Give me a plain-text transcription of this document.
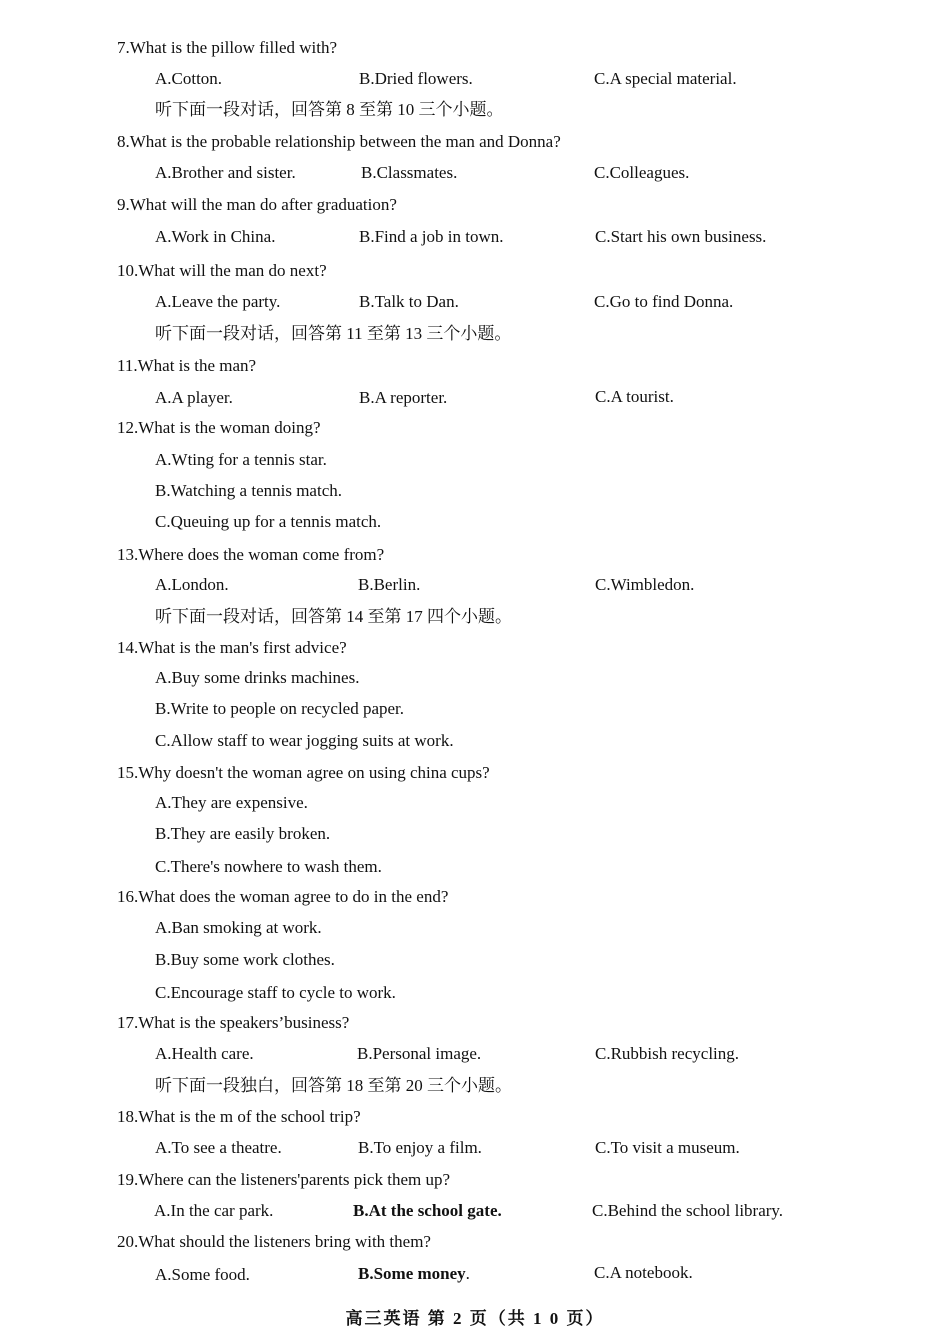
7.What is the pillow filled with?
A.Cotton.	B.Dried flowers.	C.A special material.
听下面一段对话，回答第 8 至第 10 三个小题。
8.What is the probable relationship between the man and Donna?
A.Brother and sister.	B.Classmates.	C.Colleagues.
9.What will the man do after graduation?
A.Work in China.	B.Find a job in town.	C.Start his own business.
10.What will the man do next?
A.Leave the party.	B.Talk to Dan.	C.Go to find Donna.
听下面一段对话，回答第 11 至第 13 三个小题。
11.What is the man?
A.A player.	B.A reporter.	C.A tourist.
12.What is the woman doing?
A.Wting for a tennis star.
B.Watching a tennis match.
C.Queuing up for a tennis match.
13.Where does the woman come from?
A.London.	B.Berlin.	C.Wimbledon.
听下面一段对话，回答第 14 至第 17 四个小题。
14.What is the man's first advice?
A.Buy some drinks machines.
B.Write to people on recycled paper.
C.Allow staff to wear jogging suits at work.
15.Why doesn't the woman agree on using china cups?
A.They are expensive.
B.They are easily broken.
C.There's nowhere to wash them.
16.What does the woman agree to do in the end?
A.Ban smoking at work.
B.Buy some work clothes.
C.Encourage staff to cycle to work.
17.What is the speakers’business?
A.Health care.	B.Personal image.	C.Rubbish recycling.
听下面一段独白，回答第 18 至第 20 三个小题。
18.What is the m of the school trip?
A.To see a theatre.	B.To enjoy a film.	C.To visit a museum.
19.Where can the listeners'parents pick them up?
A.In the car park.	B.At the school gate.	C.Behind the school library.
20.What should the listeners bring with them?
A.Some food.	B.Some money.	C.A notebook.
高三英语 第 2 页（共 1 0 页）
